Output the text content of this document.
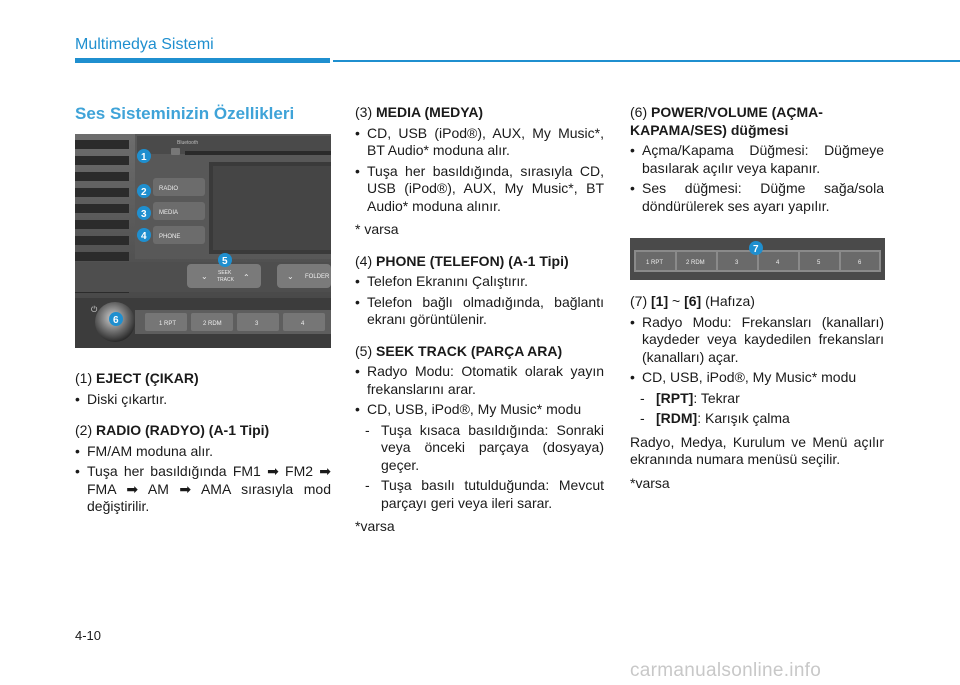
Multimedya Sistemi
Ses Sisteminizin Özellikleri
Bluetooth
RADIO
MEDIA
PHONE
⌄	⌃
SEEK
TRACK	⌄ FOLDER
1 RPT	2 RDM	3	4
⏻
1
2
3
4
5
6

(1) EJECT (ÇIKAR)

• Diski çıkartır.

(2) RADIO (RADYO) (A-1 Tipi)

• FM/AM moduna alır.

• Tuşa her basıldığında FM1 ➡ FM2 ➡ FMA ➡ AM ➡ AMA sırasıyla mod değiştirilir.

(3) MEDIA (MEDYA)

• CD, USB (iPod®), AUX, My Music*, BT Audio* moduna alır.

• Tuşa her basıldığında, sırasıyla CD, USB (iPod®), AUX, My Music*, BT Audio* moduna alınır.

* varsa

(4) PHONE (TELEFON) (A-1 Tipi)

• Telefon Ekranını Çalıştırır.

• Telefon bağlı olmadığında, bağlantı ekranı görüntülenir.

(5) SEEK TRACK (PARÇA ARA)

• Radyo Modu: Otomatik olarak yayın frekanslarını arar.

• CD, USB, iPod®, My Music* modu

- Tuşa kısaca basıldığında: Sonraki veya önceki parçaya (dosyaya) geçer.

- Tuşa basılı tutulduğunda: Mevcut parçayı geri veya ileri sarar.

*varsa

(6) POWER/VOLUME (AÇMA-KAPAMA/SES) düğmesi

• Açma/Kapama Düğmesi: Düğmeye basılarak açılır veya kapanır.

• Ses düğmesi: Düğme sağa/sola döndürülerek ses ayarı yapılır.

1 RPT	2 RDM	3	4	5	6
7

(7) [1] ~ [6] (Hafıza)

• Radyo Modu: Frekansları (kanalları) kaydeder veya kaydedilen frekansları (kanalları) açar.

• CD, USB, iPod®, My Music* modu

- [RPT]: Tekrar

- [RDM]: Karışık çalma

Radyo, Medya, Kurulum ve Menü açılır ekranında numara menüsü seçilir.

*varsa

4-10
carmanualsonline.info
